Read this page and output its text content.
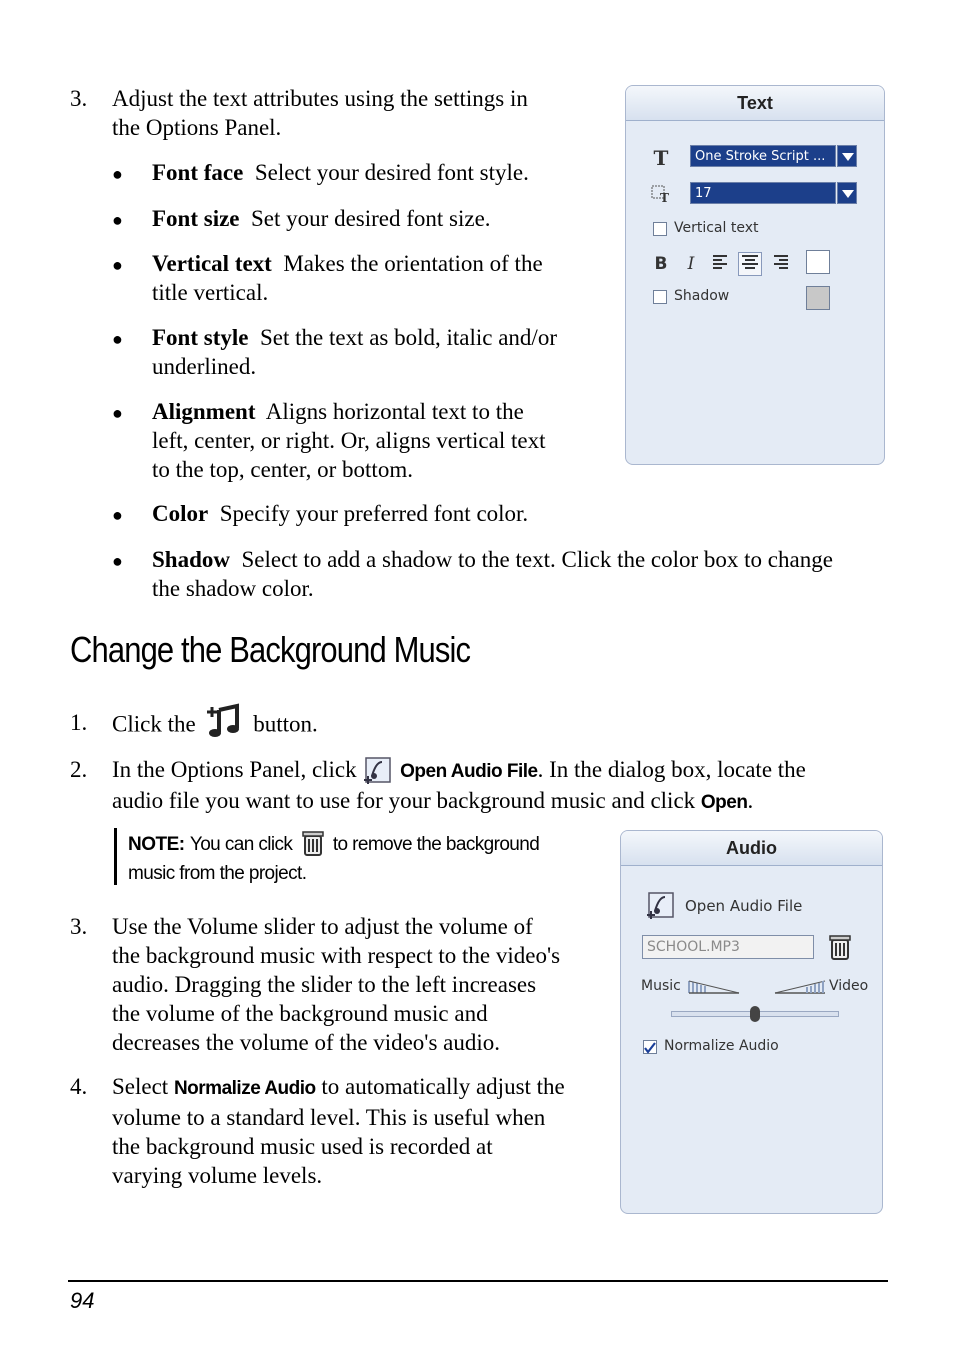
3. Adjust the text attributes using the settings in
the Options Panel.
● Font face Select your desired font style.
● Font size Set your desired font size.
● Vertical text Makes the orientation of the
title vertical.
● Font style Set the text as bold, italic and/or
underlined.
● Alignment Aligns horizontal text to the
left, center, or right. Or, aligns vertical text
to the top, center, or bottom.
● Color Specify your preferred font color.
● Shadow Select to add a shadow to the text. Click the color box to change
the shadow color.
Text
T	One Stroke Script ...
T	17
Vertical text
B	I
Shadow
Change the Background Music
1. Click the	button.
2. In the Options Panel, click Open Audio File. In the dialog box, locate the
audio file you want to use for your background music and click Open.
NOTE: You can click to remove the background
music from the project.
3. Use the Volume slider to adjust the volume of
the background music with respect to the video's
audio. Dragging the slider to the left increases
the volume of the background music and
decreases the volume of the video's audio.
4. Select Normalize Audio to automatically adjust the
volume to a standard level. This is useful when
the background music used is recorded at
varying volume levels.
Audio
Open Audio File
SCHOOL.MP3
Music	Video
Normalize Audio
94
